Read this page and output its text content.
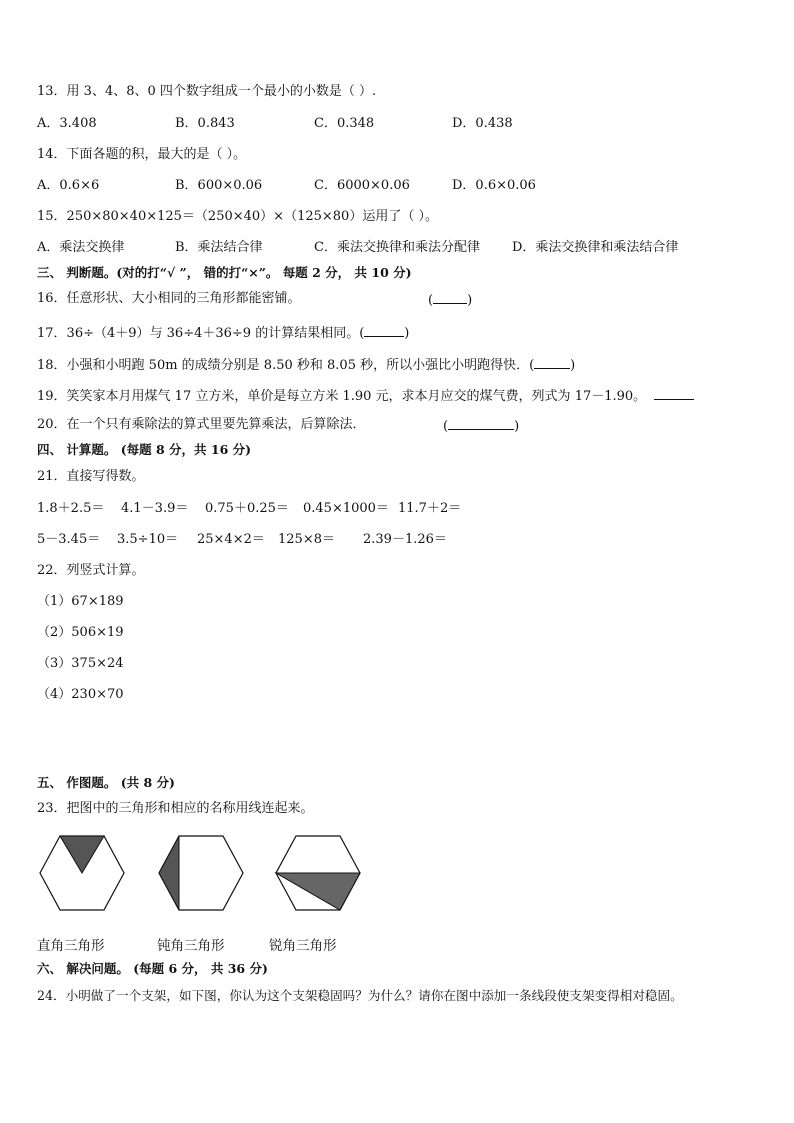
13．用 3、4、8、0 四个数字组成一个最小的小数是（ ）.
A．3.408	B．0.843	C．0.348	D．0.438
14．下面各题的积，最大的是（ ）。
A．0.6×6	B．600×0.06	C．6000×0.06	D．0.6×0.06
15．250×80×40×125＝（250×40）×（125×80）运用了（ ）。
A．乘法交换律	B．乘法结合律	C．乘法交换律和乘法分配律 D．乘法交换律和乘法结合律
三、 判断题。(对的打“√ ”， 错的打“×”。 每题 2 分， 共 10 分)
16．任意形状、大小相同的三角形都能密铺。	(	)
17．36÷（4＋9）与 36÷4＋36÷9 的计算结果相同。(	)
18．小强和小明跑 50m 的成绩分别是 8.50 秒和 8.05 秒，所以小强比小明跑得快．(	)
19．笑笑家本月用煤气 17 立方米，单价是每立方米 1.90 元，求本月应交的煤气费，列式为 17－1.90。
20．在一个只有乘除法的算式里要先算乘法，后算除法．	(	)
四、 计算题。 (每题 8 分，共 16 分)
21．直接写得数。
1.8＋2.5＝ 4.1－3.9＝ 0.75＋0.25＝ 0.45×1000＝ 11.7＋2＝
5－3.45＝ 3.5÷10＝ 25×4×2＝ 125×8＝ 2.39－1.26＝
22．列竖式计算。
（1）67×189
（2）506×19
（3）375×24
（4）230×70
五、 作图题。 (共 8 分)
23．把图中的三角形和相应的名称用线连起来。
直角三角形	钝角三角形	锐角三角形
六、 解决问题。 (每题 6 分， 共 36 分)
24．小明做了一个支架，如下图，你认为这个支架稳固吗？为什么？请你在图中添加一条线段使支架变得相对稳固。
